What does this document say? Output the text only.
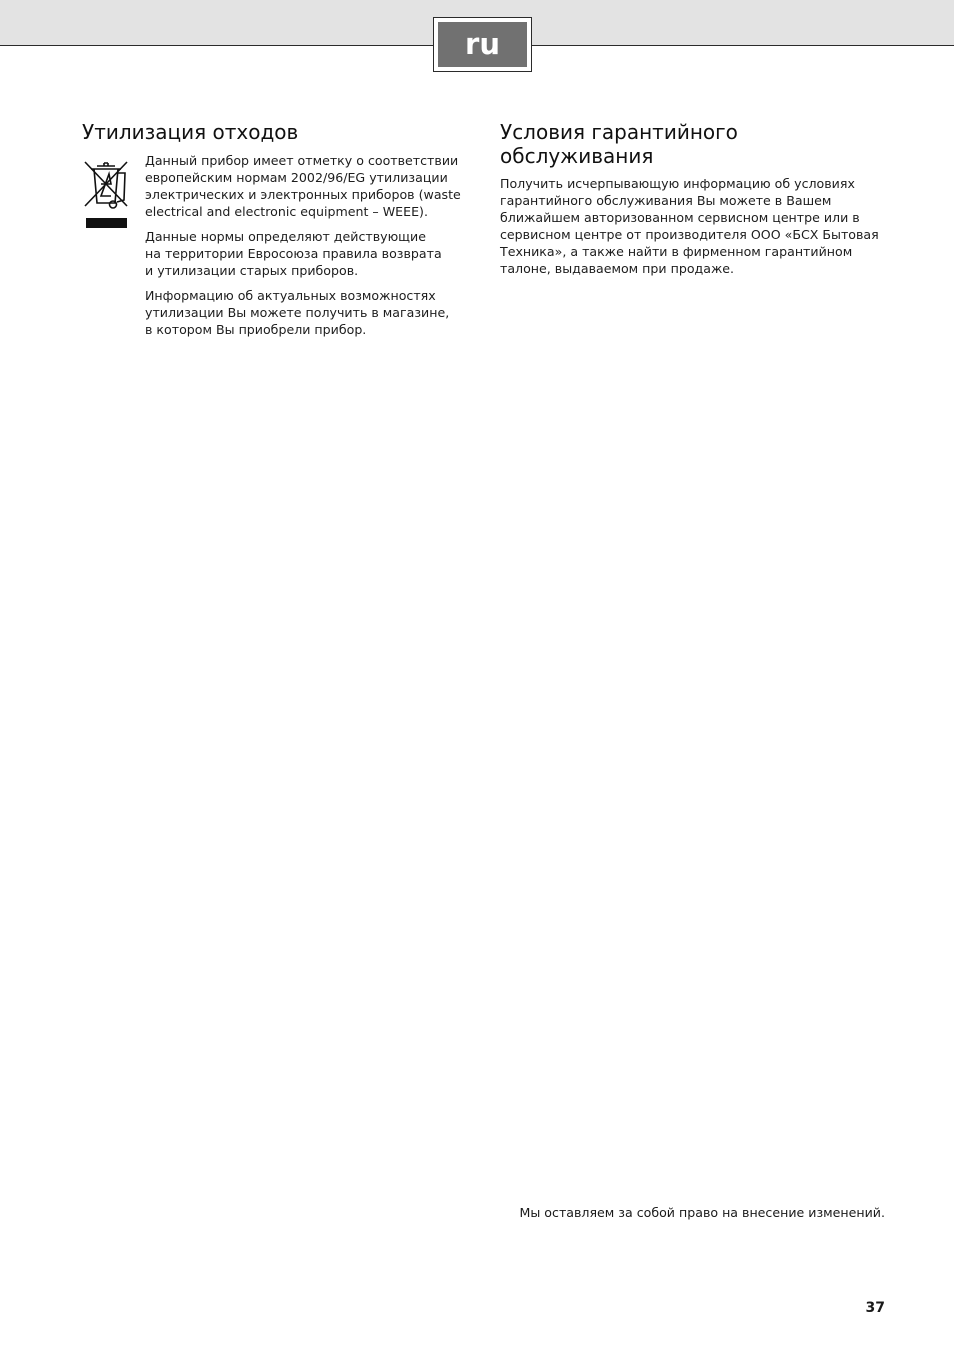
ru
Утилизация отходов

Данный прибор имеет отметку о соответствии европейским нормам 2002/96/EG утилизации электрических и электронных приборов (waste electrical and electronic equipment – WEEE).

Данные нормы определяют действующие на территории Евросоюза правила возврата и утилизации старых приборов.

Информацию об актуальных возможностях утилизации Вы можете получить в магазине, в котором Вы приобрели прибор.

Условия гарантийного обслуживания

Получить исчерпывающую информацию об условиях гарантийного обслуживания Вы можете в Вашем ближайшем авторизованном сервисном центре или в сервисном центре от производителя ООО «БСХ Бытовая Техника», а также найти в фирменном гарантийном талоне, выдаваемом при продаже.

Мы оставляем за собой право на внесение изменений.

37
